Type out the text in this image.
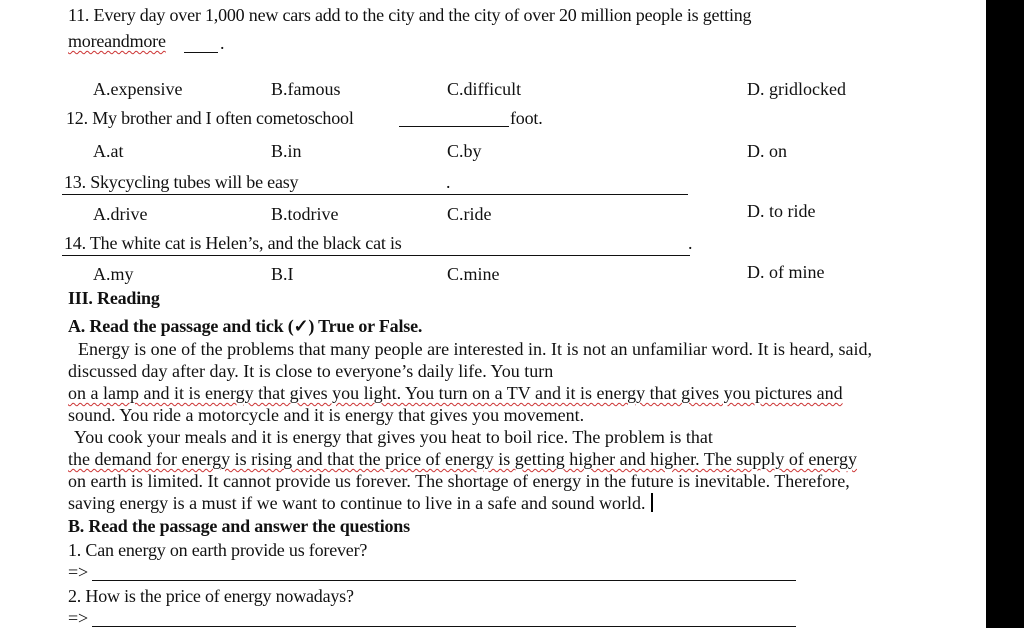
11. Every day over 1,000 new cars add to the city and the city of over 20 million people is getting
moreandmore	.
A.expensive	B.famous	C.difficult	D. gridlocked
12. My brother and I often cometoschool	foot.
A.at	B.in	C.by	D. on
13. Skycycling tubes will be easy	.
A.drive	B.todrive	C.ride	D. to ride
14. The white cat is Helen’s, and the black cat is	.
A.my	B.I	C.mine	D. of mine
III. Reading
A. Read the passage and tick (✓) True or False.
Energy is one of the problems that many people are interested in. It is not an unfamiliar word. It is heard, said,
discussed day after day. It is close to everyone’s daily life. You turn
on a lamp and it is energy that gives you light. You turn on a TV and it is energy that gives you pictures and
sound. You ride a motorcycle and it is energy that gives you movement.
You cook your meals and it is energy that gives you heat to boil rice. The problem is that
the demand for energy is rising and that the price of energy is getting higher and higher. The supply of energy
on earth is limited. It cannot provide us forever. The shortage of energy in the future is inevitable. Therefore,
saving energy is a must if we want to continue to live in a safe and sound world.
B. Read the passage and answer the questions
1. Can energy on earth provide us forever?
=>
2. How is the price of energy nowadays?
=>
